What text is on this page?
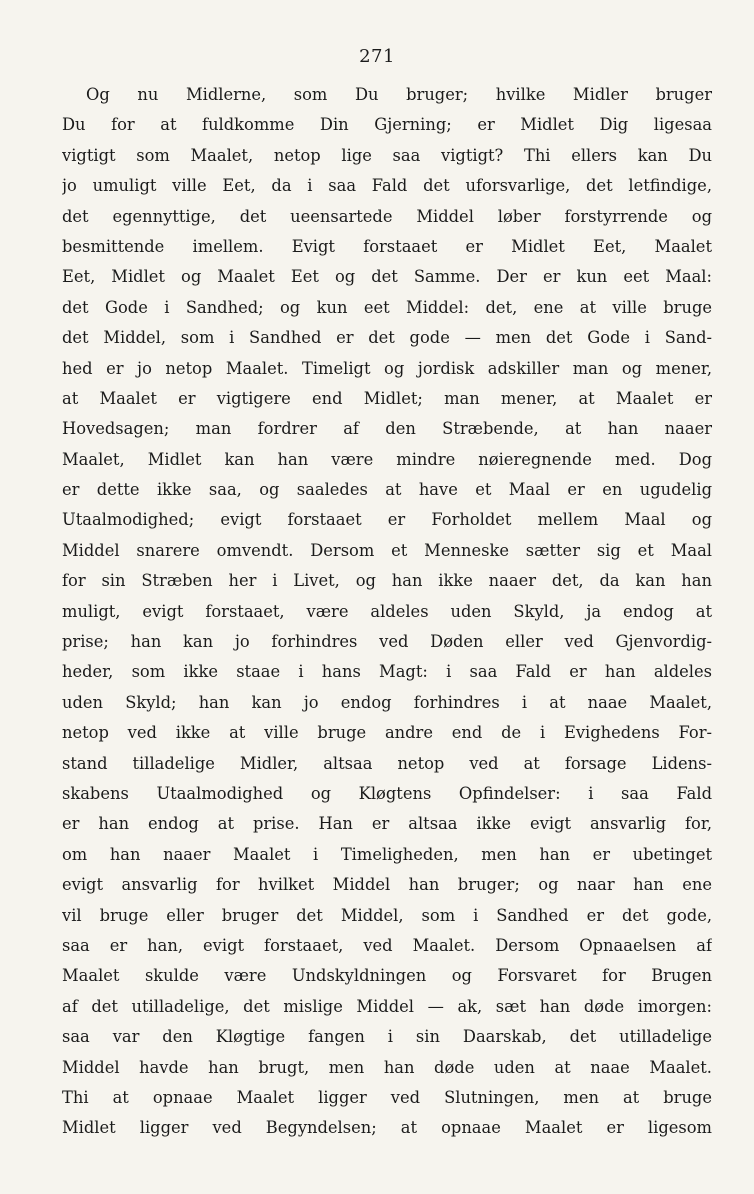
271
Og nu Midlerne, som Du bruger; hvilke Midler bruger
Du for at fuldkomme Din Gjerning; er Midlet Dig ligesaa
vigtigt som Maalet, netop lige saa vigtigt? Thi ellers kan Du
jo umuligt ville Eet, da i saa Fald det uforsvarlige, det letfindige,
det egennyttige, det ueensartede Middel løber forstyrrende og
besmittende imellem. Evigt forstaaet er Midlet Eet, Maalet
Eet, Midlet og Maalet Eet og det Samme. Der er kun eet Maal:
det Gode i Sandhed; og kun eet Middel: det, ene at ville bruge
det Middel, som i Sandhed er det gode — men det Gode i Sand-
hed er jo netop Maalet. Timeligt og jordisk adskiller man og mener,
at Maalet er vigtigere end Midlet; man mener, at Maalet er
Hovedsagen; man fordrer af den Stræbende, at han naaer
Maalet, Midlet kan han være mindre nøieregnende med. Dog
er dette ikke saa, og saaledes at have et Maal er en ugudelig
Utaalmodighed; evigt forstaaet er Forholdet mellem Maal og
Middel snarere omvendt. Dersom et Menneske sætter sig et Maal
for sin Stræben her i Livet, og han ikke naaer det, da kan han
muligt, evigt forstaaet, være aldeles uden Skyld, ja endog at
prise; han kan jo forhindres ved Døden eller ved Gjenvordig-
heder, som ikke staae i hans Magt: i saa Fald er han aldeles
uden Skyld; han kan jo endog forhindres i at naae Maalet,
netop ved ikke at ville bruge andre end de i Evighedens For-
stand tilladelige Midler, altsaa netop ved at forsage Lidens-
skabens Utaalmodighed og Kløgtens Opfindelser: i saa Fald
er han endog at prise. Han er altsaa ikke evigt ansvarlig for,
om han naaer Maalet i Timeligheden, men han er ubetinget
evigt ansvarlig for hvilket Middel han bruger; og naar han ene
vil bruge eller bruger det Middel, som i Sandhed er det gode,
saa er han, evigt forstaaet, ved Maalet. Dersom Opnaaelsen af
Maalet skulde være Undskyldningen og Forsvaret for Brugen
af det utilladelige, det mislige Middel — ak, sæt han døde imorgen:
saa var den Kløgtige fangen i sin Daarskab, det utilladelige
Middel havde han brugt, men han døde uden at naae Maalet.
Thi at opnaae Maalet ligger ved Slutningen, men at bruge
Midlet ligger ved Begyndelsen; at opnaae Maalet er ligesom
